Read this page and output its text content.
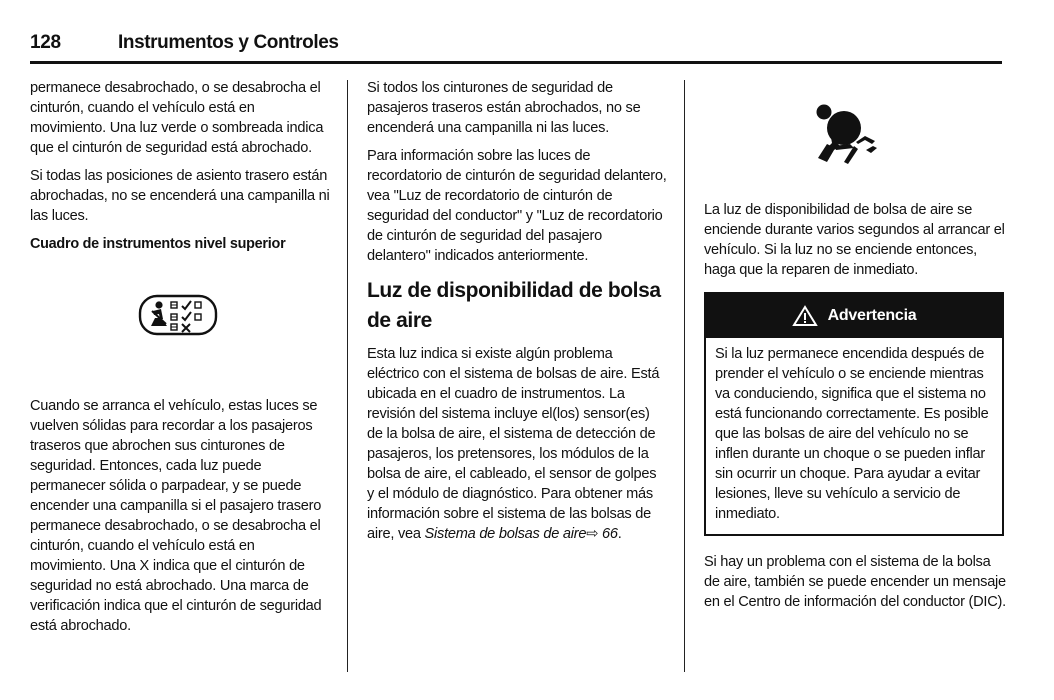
128	Instrumentos y Controles

permanece desabrochado, o se desabrocha el cinturón, cuando el vehículo está en movimiento. Una luz verde o sombreada indica que el cinturón de seguridad está abrochado.

Si todas las posiciones de asiento trasero están abrochadas, no se encenderá una campanilla ni las luces.

Cuadro de instrumentos nivel superior

Cuando se arranca el vehículo, estas luces se vuelven sólidas para recordar a los pasajeros traseros que abrochen sus cinturones de seguridad. Entonces, cada luz puede permanecer sólida o parpadear, y se puede encender una campanilla si el pasajero trasero permanece desabrochado, o se desabrocha el cinturón, cuando el vehículo está en movimiento. Una X indica que el cinturón de seguridad no está abrochado. Una marca de verificación indica que el cinturón de seguridad está abrochado.

Si todos los cinturones de seguridad de pasajeros traseros están abrochados, no se encenderá una campanilla ni las luces.

Para información sobre las luces de recordatorio de cinturón de seguridad delantero, vea "Luz de recordatorio de cinturón de seguridad del conductor" y "Luz de recordatorio de cinturón de seguridad del pasajero delantero" indicados anteriormente.

Luz de disponibilidad de bolsa de aire

Esta luz indica si existe algún problema eléctrico con el sistema de bolsas de aire. Está ubicada en el cuadro de instrumentos. La revisión del sistema incluye el(los) sensor(es) de la bolsa de aire, el sistema de detección de pasajeros, los pretensores, los módulos de la bolsa de aire, el cableado, el sensor de golpes y el módulo de diagnóstico. Para obtener más información sobre el sistema de las bolsas de aire, vea Sistema de bolsas de aire⇨ 66.

La luz de disponibilidad de bolsa de aire se enciende durante varios segundos al arrancar el vehículo. Si la luz no se enciende entonces, haga que la reparen de inmediato.

Advertencia
Si la luz permanece encendida después de prender el vehículo o se enciende mientras va conduciendo, significa que el sistema no está funcionando correctamente. Es posible que las bolsas de aire del vehículo no se inflen durante un choque o se pueden inflar sin ocurrir un choque. Para ayudar a evitar lesiones, lleve su vehículo a servicio de inmediato.

Si hay un problema con el sistema de la bolsa de aire, también se puede encender un mensaje en el Centro de información del conductor (DIC).
